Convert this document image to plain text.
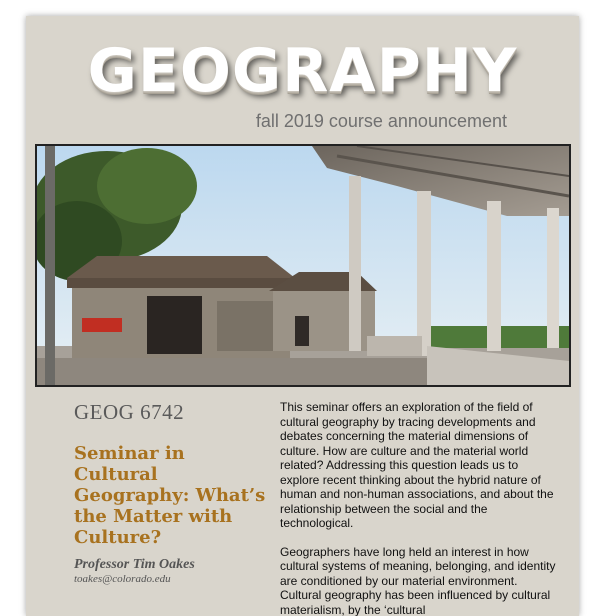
GEOGRAPHY
fall 2019 course announcement
GEOG 6742
Seminar in Cultural Geography: What’s the Matter with Culture?
Professor Tim Oakes
toakes@colorado.edu

This seminar offers an exploration of the field of cultural geography by tracing developments and debates concerning the material dimensions of culture. How are culture and the material world related? Addressing this question leads us to explore recent thinking about the hybrid nature of human and non-human associations, and about the relationship between the social and the technological.

Geographers have long held an interest in how cultural systems of meaning, belonging, and identity are conditioned by our material environment. Cultural geography has been influenced by cultural materialism, by the ‘cultural
